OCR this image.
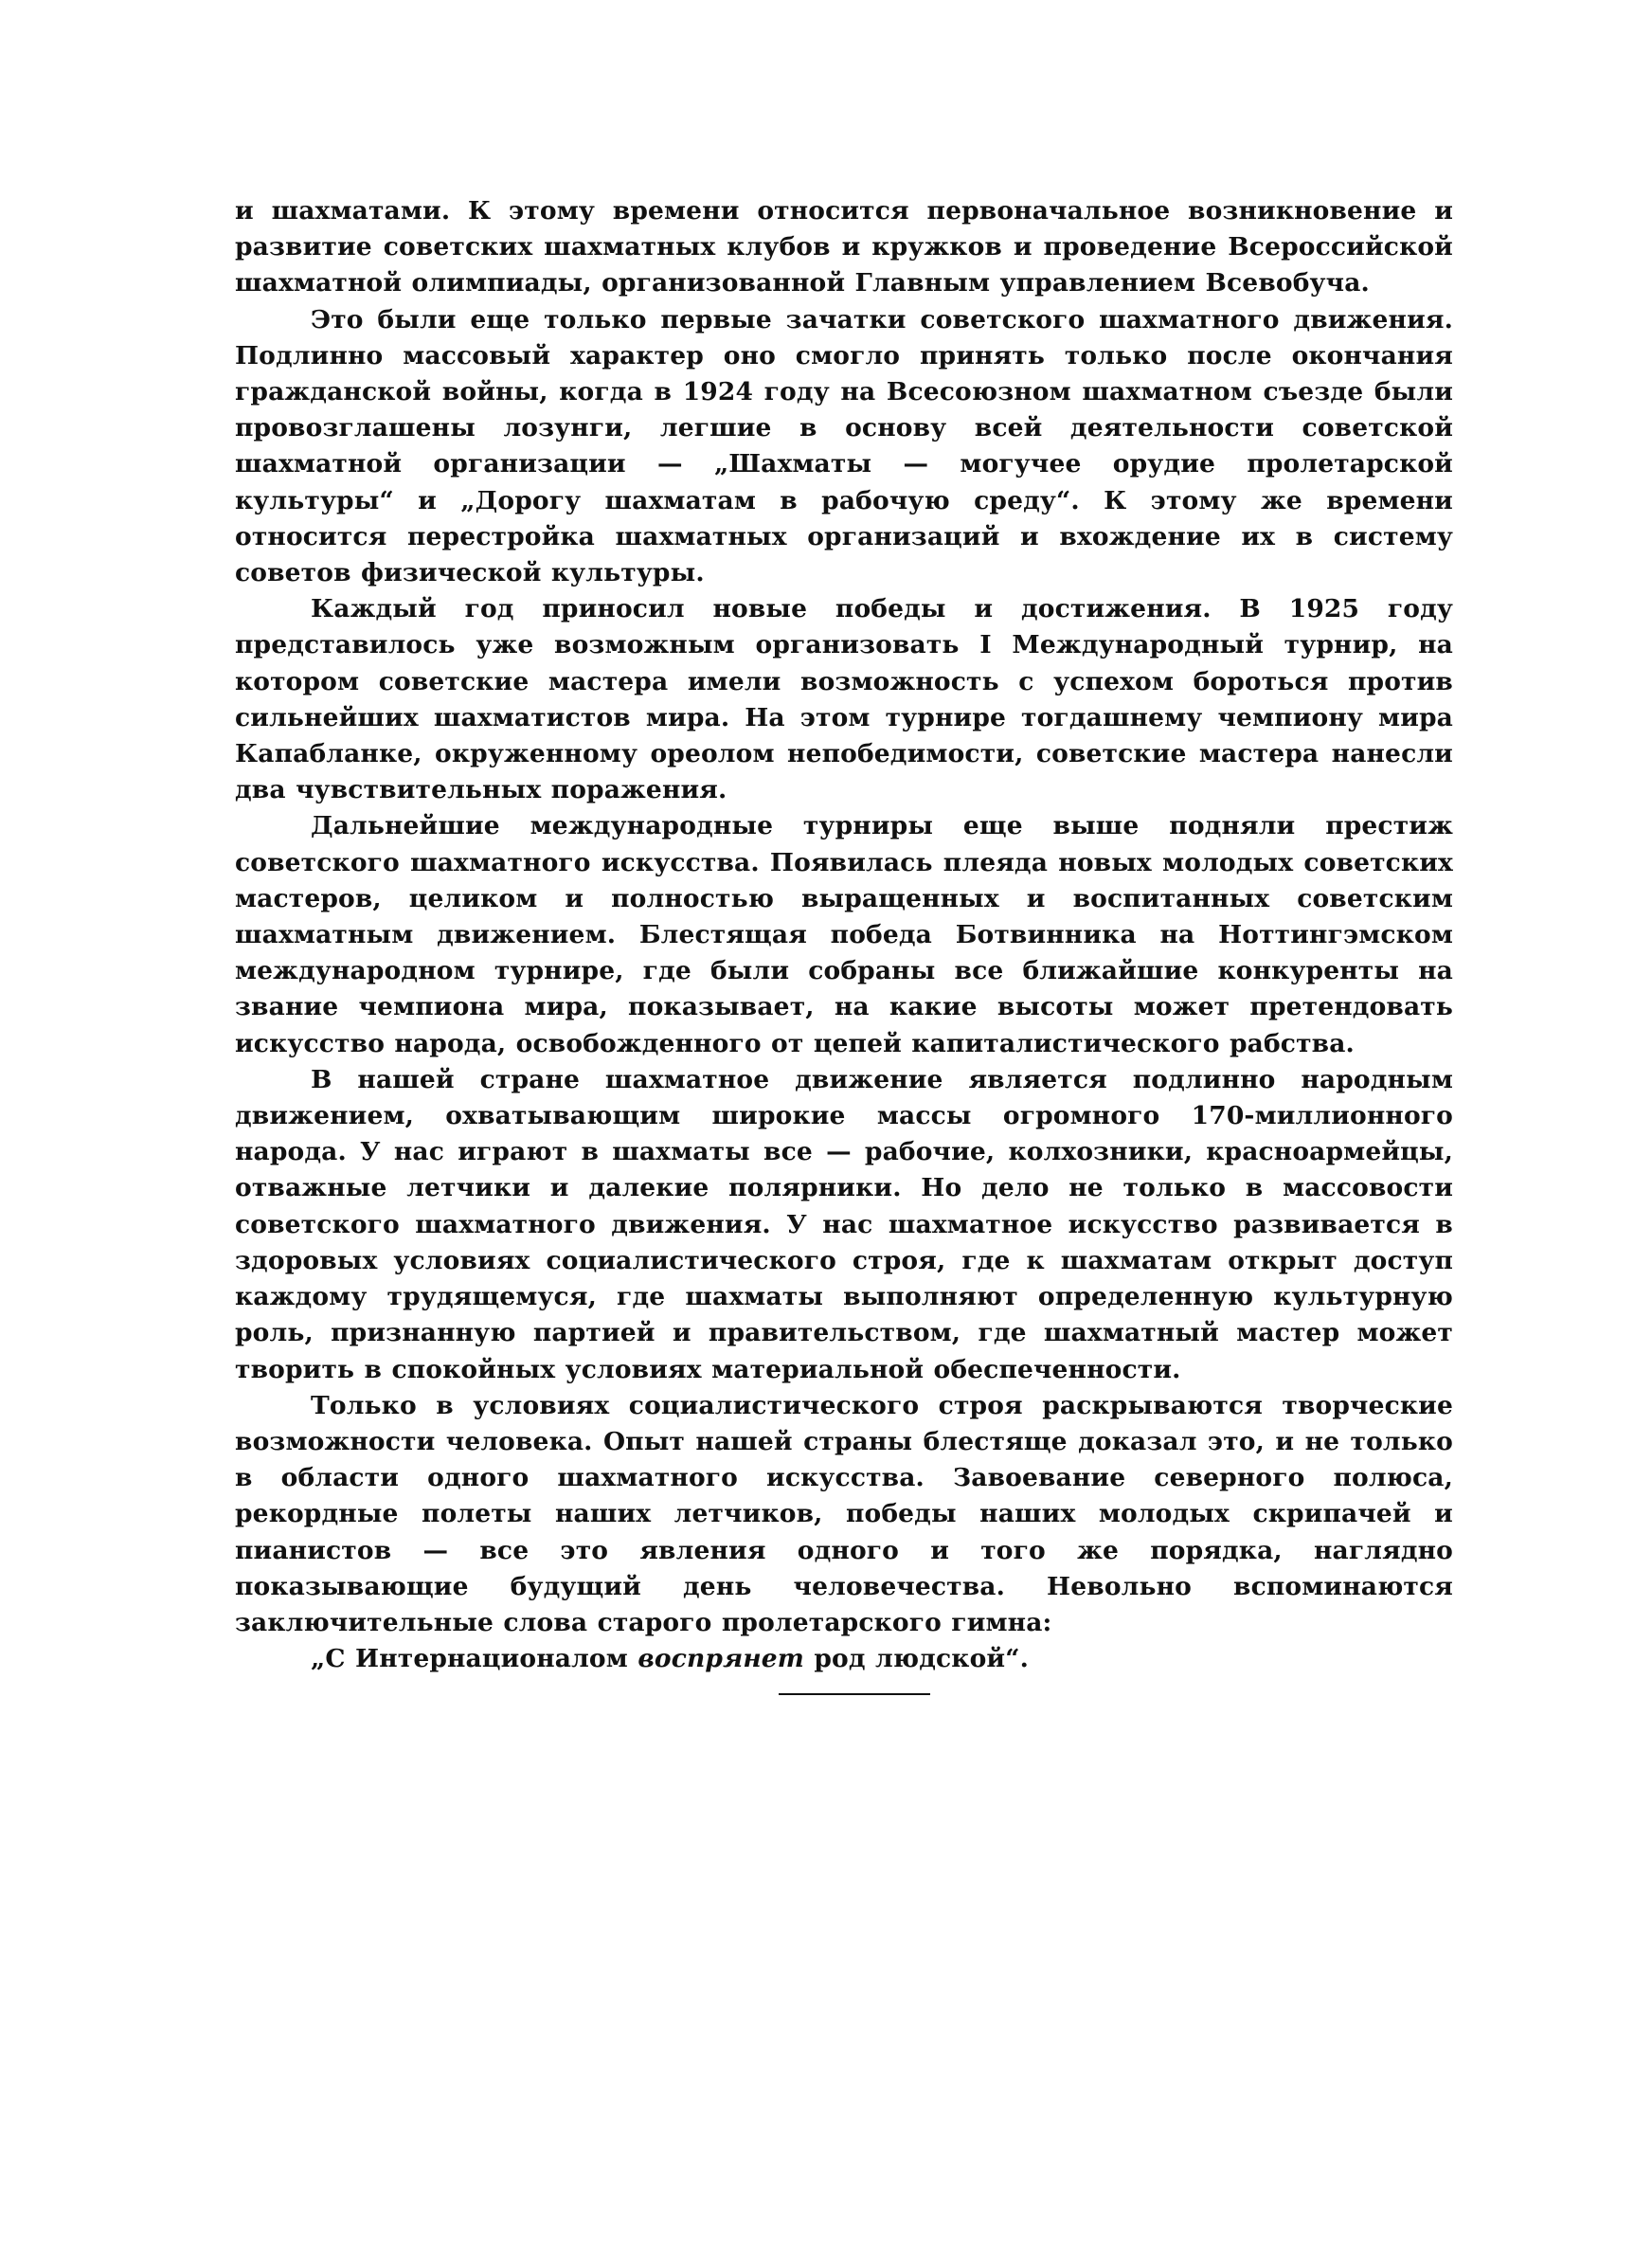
и шахматами. К этому времени относится первоначальное возникновение и развитие советских шахматных клубов и кружков и проведение Всероссийской шахматной олимпиады, организованной Главным управлением Всевобуча.

Это были еще только первые зачатки советского шахматного движения. Подлинно массовый характер оно смогло принять только после окончания гражданской войны, когда в 1924 году на Всесоюзном шахматном съезде были провозглашены лозунги, легшие в основу всей деятельности советской шахматной организации — „Шахматы — могучее орудие пролетарской культуры“ и „Дорогу шахматам в рабочую среду“. К этому же времени относится перестройка шахматных организаций и вхождение их в систему советов физической культуры.

Каждый год приносил новые победы и достижения. В 1925 году представилось уже возможным организовать I Международный турнир, на котором советские мастера имели возможность с успехом бороться против сильнейших шахматистов мира. На этом турнире тогдашнему чемпиону мира Капабланке, окруженному ореолом непобедимости, советские мастера нанесли два чувствительных поражения.

Дальнейшие международные турниры еще выше подняли престиж советского шахматного искусства. Появилась плеяда новых молодых советских мастеров, целиком и полностью выращенных и воспитанных советским шахматным движением. Блестящая победа Ботвинника на Ноттингэмском международном турнире, где были собраны все ближайшие конкуренты на звание чемпиона мира, показывает, на какие высоты может претендовать искусство народа, освобожденного от цепей капиталистического рабства.

В нашей стране шахматное движение является подлинно народным движением, охватывающим широкие массы огромного 170-миллионного народа. У нас играют в шахматы все — рабочие, колхозники, красноармейцы, отважные летчики и далекие полярники. Но дело не только в массовости советского шахматного движения. У нас шахматное искусство развивается в здоровых условиях социалистического строя, где к шахматам открыт доступ каждому трудящемуся, где шахматы выполняют определенную культурную роль, признанную партией и правительством, где шахматный мастер может творить в спокойных условиях материальной обеспеченности.

Только в условиях социалистического строя раскрываются творческие возможности человека. Опыт нашей страны блестяще доказал это, и не только в области одного шахматного искусства. Завоевание северного полюса, рекордные полеты наших летчиков, победы наших молодых скрипачей и пианистов — все это явления одного и того же порядка, наглядно показывающие будущий день человечества. Невольно вспоминаются заключительные слова старого пролетарского гимна:

„С Интернационалом воспрянет род людской“.
